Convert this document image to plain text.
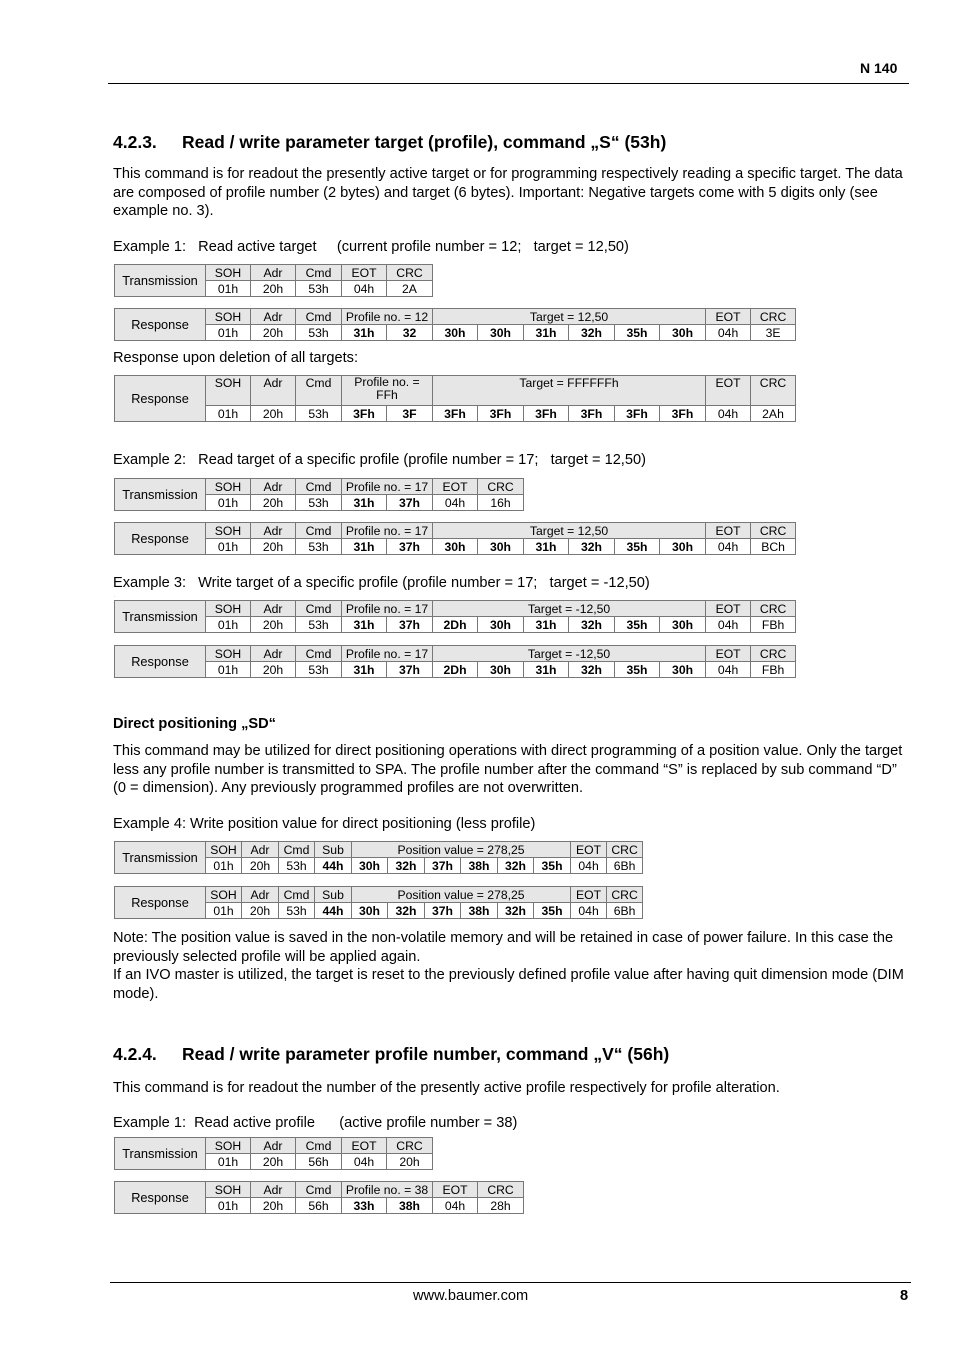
N 140
4.2.3. Read / write parameter target (profile), command „S“ (53h)
This command is for readout the presently active target or for programming respectively reading a specific target. The data are composed of profile number (2 bytes) and target (6 bytes). Important: Negative targets come with 5 digits only (see example no. 3).
Example 1:   Read active target     (current profile number = 12;   target = 12,50)
Transmission	SOH	Adr	Cmd	EOT	CRC
	01h	20h	53h	04h	2A
Response	SOH	Adr	Cmd	Profile no. = 12		Target = 12,50						EOT	CRC
	01h	20h	53h	31h	32	30h	30h	31h	32h	35h	30h	04h	3E
Response upon deletion of all targets:
Response	SOH	Adr	Cmd	Profile no. = FFh		Target = FFFFFFh						EOT	CRC
	01h	20h	53h	3Fh	3F	3Fh	3Fh	3Fh	3Fh	3Fh	3Fh	04h	2Ah
Example 2:   Read target of a specific profile (profile number = 17;   target = 12,50)
Transmission	SOH	Adr	Cmd	Profile no. = 17		EOT	CRC
	01h	20h	53h	31h	37h	04h	16h
Response	SOH	Adr	Cmd	Profile no. = 17		Target = 12,50						EOT	CRC
	01h	20h	53h	31h	37h	30h	30h	31h	32h	35h	30h	04h	BCh
Example 3:   Write target of a specific profile (profile number = 17;   target = -12,50)
·
Transmission	SOH	Adr	Cmd	Profile no. = 17		Target = -12,50						EOT	CRC
	01h	20h	53h	31h	37h	2Dh	30h	31h	32h	35h	30h	04h	FBh
Response	SOH	Adr	Cmd	Profile no. = 17		Target = -12,50						EOT	CRC
	01h	20h	53h	31h	37h	2Dh	30h	31h	32h	35h	30h	04h	FBh
Direct positioning „SD“
This command may be utilized for direct positioning operations with direct programming of a position value. Only the target less any profile number is transmitted to SPA. The profile number after the command “S” is replaced by sub command “D” (0 = dimension). Any previously programmed profiles are not overwritten.
Example 4: Write position value for direct positioning (less profile)
Transmission	SOH	Adr	Cmd	Sub	Position value = 278,25						EOT	CRC
	01h	20h	53h	44h	30h	32h	37h	38h	32h	35h	04h	6Bh
Response	SOH	Adr	Cmd	Sub	Position value = 278,25						EOT	CRC
	01h	20h	53h	44h	30h	32h	37h	38h	32h	35h	04h	6Bh
Note: The position value is saved in the non-volatile memory and will be retained in case of power failure. In this case the previously selected profile will be applied again.
If an IVO master is utilized, the target is reset to the previously defined profile value after having quit dimension mode (DIM mode).
4.2.4. Read / write parameter profile number, command „V“ (56h)
This command is for readout the number of the presently active profile respectively for profile alteration.
Example 1:  Read active profile      (active profile number = 38)
Transmission	SOH	Adr	Cmd	EOT	CRC
	01h	20h	56h	04h	20h
Response	SOH	Adr	Cmd	Profile no. = 38		EOT	CRC
	01h	20h	56h	33h	38h	04h	28h
www.baumer.com	8
